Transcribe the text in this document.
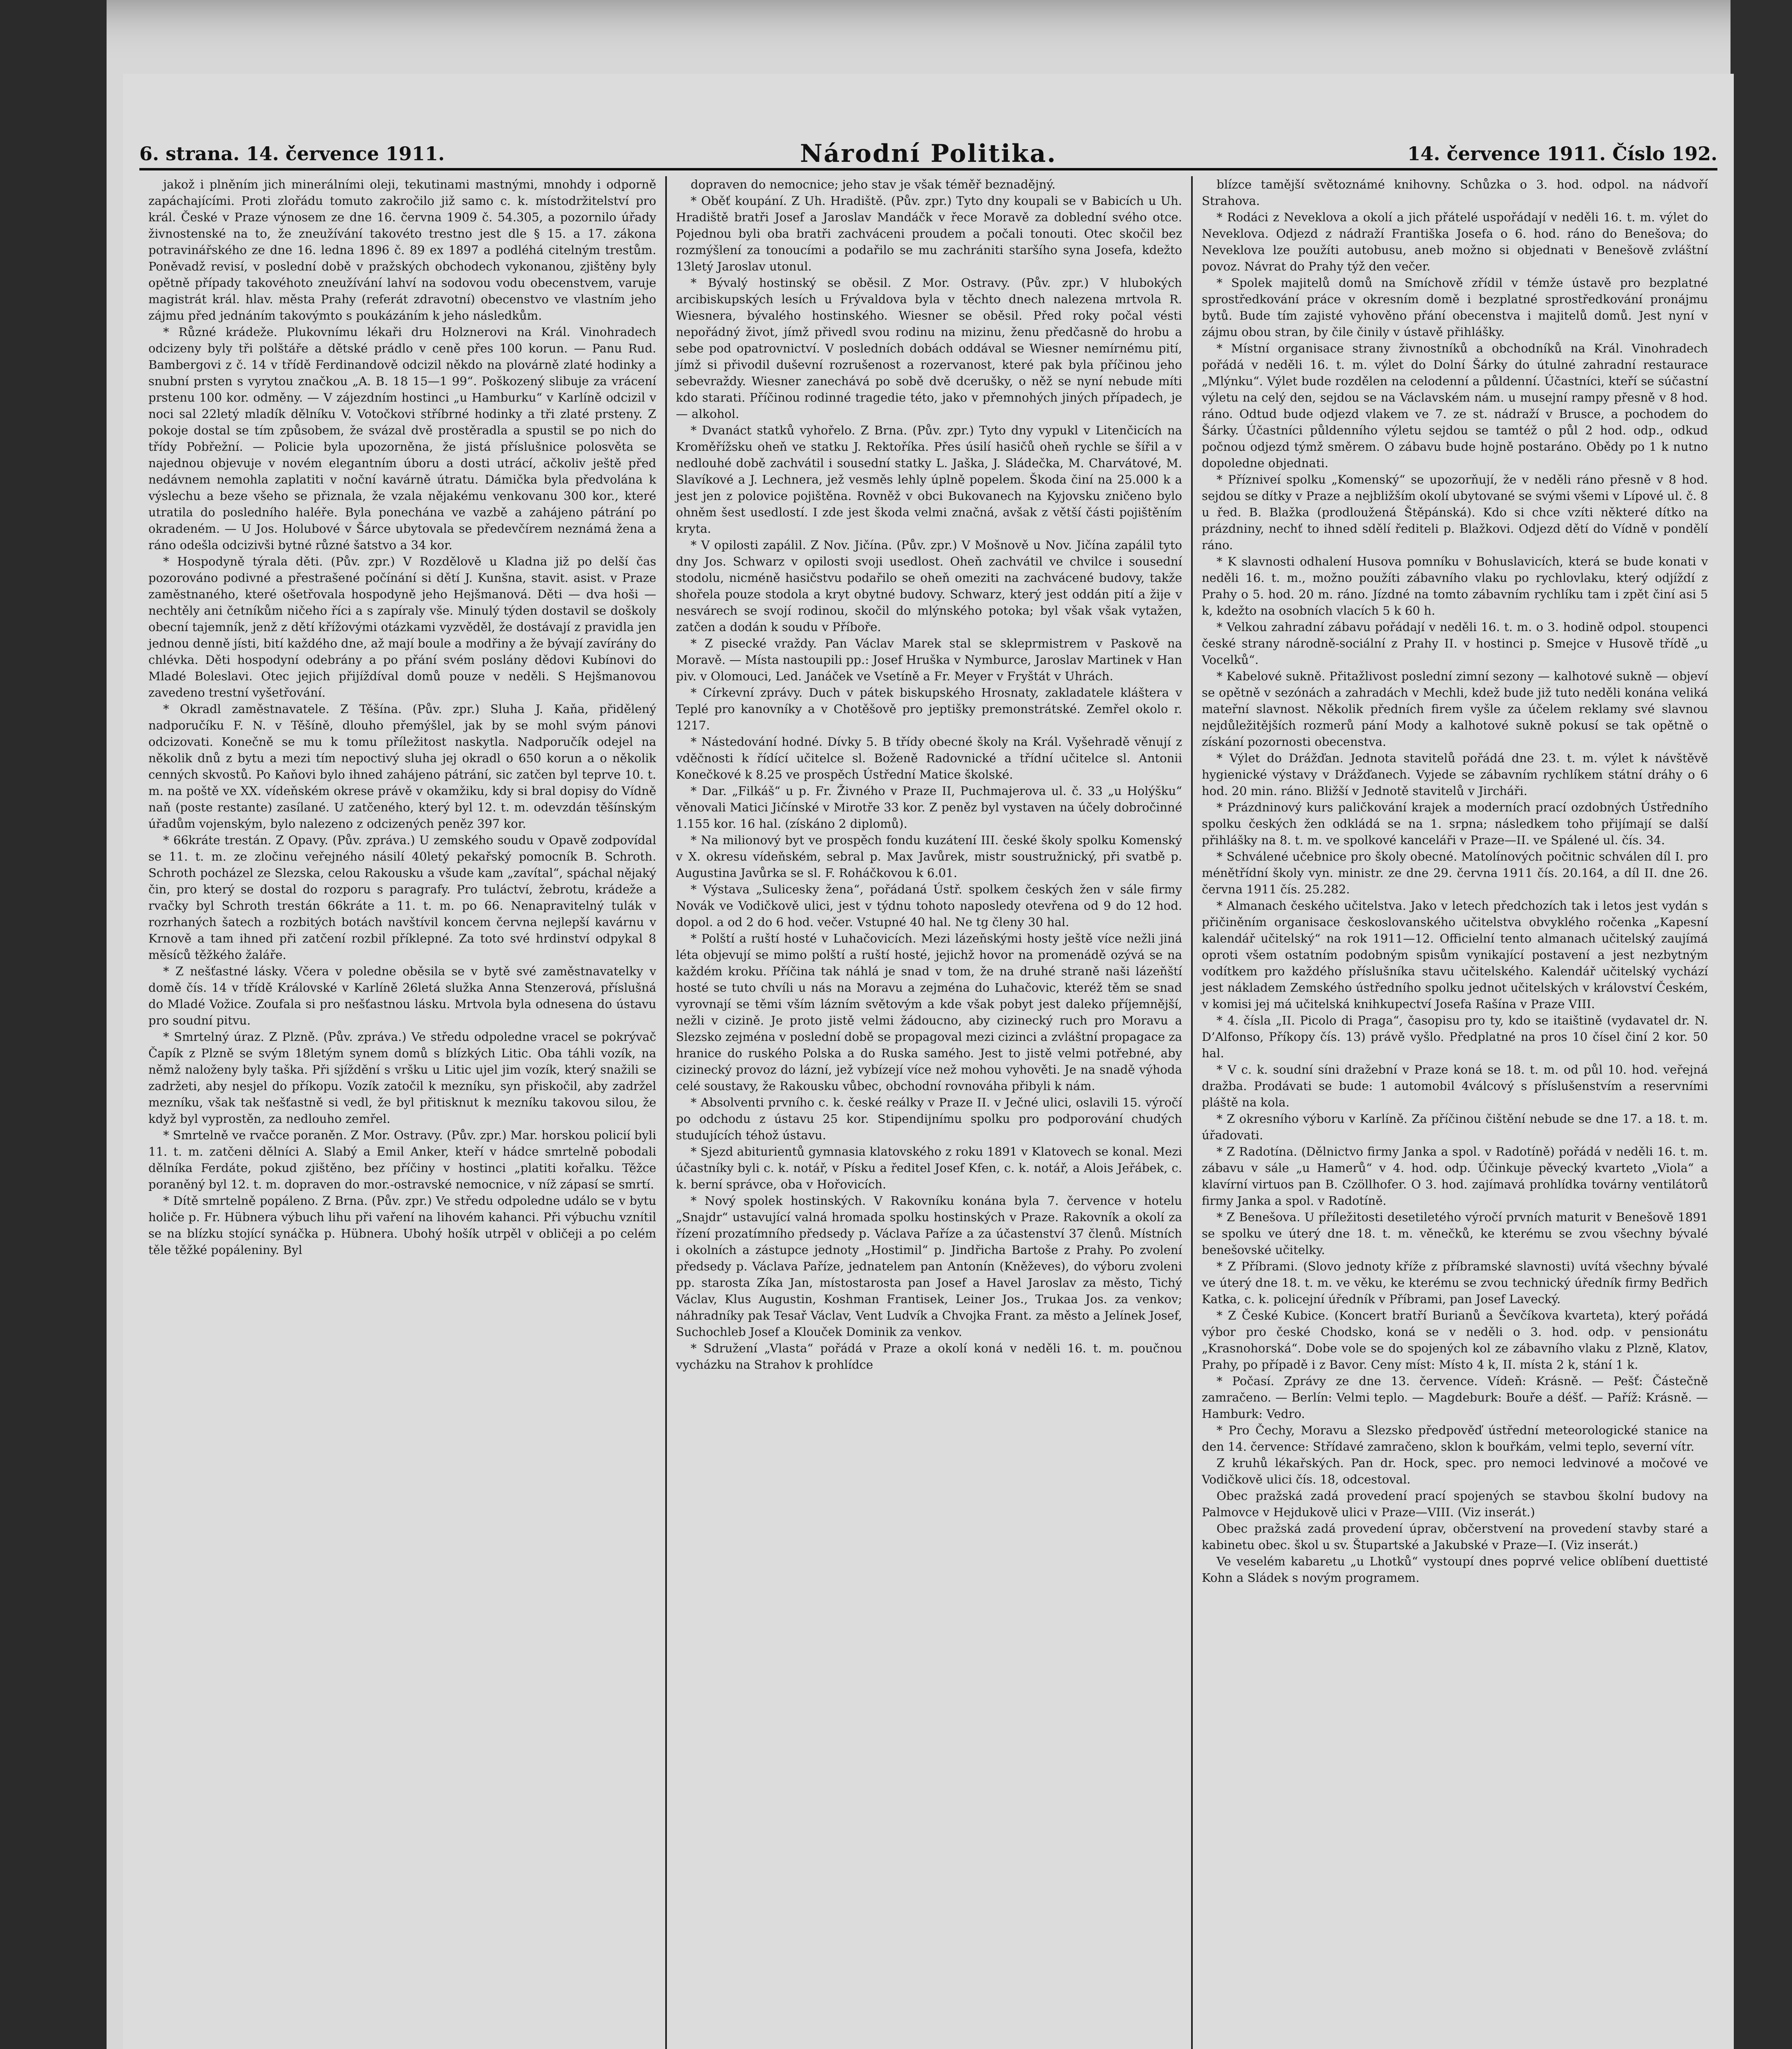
6. strana. 14. července 1911.	Národní Politika.	14. července 1911. Číslo 192.

jakož i plněním jich minerálními oleji, tekutinami mastnými, mnohdy i odporně zapáchajícími. Proti zlořádu tomuto zakročilo již samo c. k. místodržitelství pro král. České v Praze výnosem ze dne 16. června 1909 č. 54.305, a pozornilo úřady živnostenské na to, že zneužívání takovéto trestno jest dle § 15. a 17. zákona potravinářského ze dne 16. ledna 1896 č. 89 ex 1897 a podléhá citelným trestům. Poněvadž revisí, v poslední době v pražských obchodech vykonanou, zjištěny byly opětně případy takovéhoto zneužívání lahví na sodovou vodu obecenstvem, varuje magistrát král. hlav. města Prahy (referát zdravotní) obecenstvo ve vlastním jeho zájmu před jednáním takovýmto s poukázáním k jeho následkům.

* Různé krádeže. Plukovnímu lékaři dru Holznerovi na Král. Vinohradech odcizeny byly tři polštáře a dětské prádlo v ceně přes 100 korun. — Panu Rud. Bambergovi z č. 14 v třídě Ferdinandově odcizil někdo na plovárně zlaté hodinky a snubní prsten s vyrytou značkou „A. B. 18 15—1 99“. Poškozený slibuje za vrácení prstenu 100 kor. odměny. — V zájezdním hostinci „u Hamburku“ v Karlíně odcizil v noci sal 22letý mladík dělníku V. Votočkovi stříbrné hodinky a tři zlaté prsteny. Z pokoje dostal se tím způsobem, že svázal dvě prostěradla a spustil se po nich do třídy Pobřežní. — Policie byla upozorněna, že jistá příslušnice polosvěta se najednou objevuje v novém elegantním úboru a dosti utrácí, ačkoliv ještě před nedávnem nemohla zaplatiti v noční kavárně útratu. Dámička byla předvolána k výslechu a beze všeho se přiznala, že vzala nějakému venkovanu 300 kor., které utratila do posledního haléře. Byla ponechána ve vazbě a zahájeno pátrání po okradeném. — U Jos. Holubové v Šárce ubytovala se předevčírem neznámá žena a ráno odešla odcizivši bytné různé šatstvo a 34 kor.

* Hospodyně týrala děti. (Pův. zpr.) V Rozdělově u Kladna již po delší čas pozorováno podivné a přestrašené počínání si dětí J. Kunšna, stavit. asist. v Praze zaměstnaného, které ošetřovala hospodyně jeho Hejšmanová. Děti — dva hoši — nechtěly ani četníkům ničeho říci a s zapíraly vše. Minulý týden dostavil se doškoly obecní tajemník, jenž z dětí křížovými otázkami vyzvěděl, že dostávají z pravidla jen jednou denně jísti, bití každého dne, až mají boule a modřiny a že bývají zavírány do chlévka. Děti hospodyní odebrány a po přání svém poslány dědovi Kubínovi do Mladé Boleslavi. Otec jejich přijíždíval domů pouze v neděli. S Hejšmanovou zavedeno trestní vyšetřování.

* Okradl zaměstnavatele. Z Těšína. (Pův. zpr.) Sluha J. Kaňa, přidělený nadporučíku F. N. v Těšíně, dlouho přemýšlel, jak by se mohl svým pánovi odcizovati. Konečně se mu k tomu příležitost naskytla. Nadporučík odejel na několik dnů z bytu a mezi tím nepoctivý sluha jej okradl o 650 korun a o několik cenných skvostů. Po Kaňovi bylo ihned zahájeno pátrání, sic zatčen byl teprve 10. t. m. na poště ve XX. vídeňském okrese právě v okamžiku, kdy si bral dopisy do Vídně naň (poste restante) zasílané. U zatčeného, který byl 12. t. m. odevzdán těšínským úřadům vojenským, bylo nalezeno z odcizených peněz 397 kor.

* 66kráte trestán. Z Opavy. (Pův. zpráva.) U zemského soudu v Opavě zodpovídal se 11. t. m. ze zločinu veřejného násilí 40letý pekařský pomocník B. Schroth. Schroth pocházel ze Slezska, celou Rakousku a všude kam „zavítal“, spáchal nějaký čin, pro který se dostal do rozporu s paragrafy. Pro tuláctví, žebrotu, krádeže a rvačky byl Schroth trestán 66kráte a 11. t. m. po 66. Nenapravitelný tulák v rozrhaných šatech a rozbitých botách navštívil koncem června nejlepší kavárnu v Krnově a tam ihned při zatčení rozbil příklepné. Za toto své hrdinství odpykal 8 měsíců těžkého žaláře.

* Z nešťastné lásky. Včera v poledne oběsila se v bytě své zaměstnavatelky v domě čís. 14 v třídě Královské v Karlíně 26letá služka Anna Stenzerová, příslušná do Mladé Vožice. Zoufala si pro nešťastnou lásku. Mrtvola byla odnesena do ústavu pro soudní pitvu.

* Smrtelný úraz. Z Plzně. (Pův. zpráva.) Ve středu odpoledne vracel se pokrývač Čapík z Plzně se svým 18letým synem domů s blízkých Litic. Oba táhli vozík, na němž naloženy byly taška. Při sjíždění s vršku u Litic ujel jim vozík, který snažili se zadržeti, aby nesjel do příkopu. Vozík zatočil k mezníku, syn přiskočil, aby zadržel mezníku, však tak nešťastně si vedl, že byl přitisknut k mezníku takovou silou, že když byl vyprostěn, za nedlouho zemřel.

* Smrtelně ve rvačce poraněn. Z Mor. Ostravy. (Pův. zpr.) Mar. horskou policií byli 11. t. m. zatčeni dělníci A. Slabý a Emil Anker, kteří v hádce smrtelně pobodali dělníka Ferdáte, pokud zjištěno, bez příčiny v hostinci „platiti kořalku. Těžce poraněný byl 12. t. m. dopraven do mor.-ostravské nemocnice, v níž zápasí se smrtí.

* Dítě smrtelně popáleno. Z Brna. (Pův. zpr.) Ve středu odpoledne událo se v bytu holiče p. Fr. Hübnera výbuch lihu při vaření na lihovém kahanci. Při výbuchu vznítil se na blízku stojící synáčka p. Hübnera. Ubohý hošík utrpěl v obličeji a po celém těle těžké popáleniny. Byl

dopraven do nemocnice; jeho stav je však téměř beznadějný.

* Oběť koupání. Z Uh. Hradiště. (Pův. zpr.) Tyto dny koupali se v Babicích u Uh. Hradiště bratři Josef a Jaroslav Mandáčk v řece Moravě za doblední svého otce. Pojednou byli oba bratři zachváceni proudem a počali tonouti. Otec skočil bez rozmýšlení za tonoucími a podařilo se mu zachrániti staršího syna Josefa, kdežto 13letý Jaroslav utonul.

* Bývalý hostinský se oběsil. Z Mor. Ostravy. (Pův. zpr.) V hlubokých arcibiskupských lesích u Frývaldova byla v těchto dnech nalezena mrtvola R. Wiesnera, bývalého hostinského. Wiesner se oběsil. Před roky počal vésti nepořádný život, jímž přivedl svou rodinu na mizinu, ženu předčasně do hrobu a sebe pod opatrovnictví. V posledních dobách oddával se Wiesner nemírnému pití, jímž si přivodil duševní rozrušenost a rozervanost, které pak byla příčinou jeho sebevraždy. Wiesner zanechává po sobě dvě dcerušky, o něž se nyní nebude míti kdo starati. Příčinou rodinné tragedie této, jako v přemnohých jiných případech, je — alkohol.

* Dvanáct statků vyhořelo. Z Brna. (Pův. zpr.) Tyto dny vypukl v Litenčicích na Kroměřížsku oheň ve statku J. Rektoříka. Přes úsilí hasičů oheň rychle se šířil a v nedlouhé době zachvátil i sousední statky L. Jaška, J. Sládečka, M. Charvátové, M. Slavíkové a J. Lechnera, jež vesměs lehly úplně popelem. Škoda činí na 25.000 k a jest jen z polovice pojištěna. Rovněž v obci Bukovanech na Kyjovsku zničeno bylo ohněm šest usedlostí. I zde jest škoda velmi značná, avšak z větší části pojištěním kryta.

* V opilosti zapálil. Z Nov. Jičína. (Pův. zpr.) V Mošnově u Nov. Jičína zapálil tyto dny Jos. Schwarz v opilosti svoji usedlost. Oheň zachvátil ve chvilce i sousední stodolu, nicméně hasičstvu podařilo se oheň omeziti na zachvácené budovy, takže shořela pouze stodola a kryt obytné budovy. Schwarz, který jest oddán pití a žije v nesvárech se svojí rodinou, skočil do mlýnského potoka; byl však však vytažen, zatčen a dodán k soudu v Příboře.

* Z pisecké vraždy. Pan Václav Marek stal se skleprmistrem v Paskově na Moravě. — Místa nastoupili pp.: Josef Hruška v Nymburce, Jaroslav Martinek v Han piv. v Olomouci, Led. Janáček ve Vsetíně a Fr. Meyer v Fryštát v Uhrách.

* Církevní zprávy. Duch v pátek biskupského Hrosnaty, zakladatele kláštera v Teplé pro kanovníky a v Chotěšově pro jeptišky premonstrátské. Zemřel okolo r. 1217.

* Nástedování hodné. Dívky 5. B třídy obecné školy na Král. Vyšehradě věnují z vděčnosti k řídící učitelce sl. Boženě Radovnické a třídní učitelce sl. Antonii Konečkové k 8.25 ve prospěch Ústřední Matice školské.

* Dar. „Filkáš“ u p. Fr. Živného v Praze II, Puchmajerova ul. č. 33 „u Holýšku“ věnovali Matici Jičínské v Mirotře 33 kor. Z peněz byl vystaven na účely dobročinné 1.155 kor. 16 hal. (získáno 2 diplomů).

* Na milionový byt ve prospěch fondu kuzátení III. české školy spolku Komenský v X. okresu vídeňském, sebral p. Max Javůrek, mistr soustružnický, při svatbě p. Augustina Javůrka se sl. F. Roháčkovou k 6.01.

* Výstava „Sulicesky žena“, pořádaná Ústř. spolkem českých žen v sále firmy Novák ve Vodičkově ulici, jest v týdnu tohoto naposledy otevřena od 9 do 12 hod. dopol. a od 2 do 6 hod. večer. Vstupné 40 hal. Ne tg členy 30 hal.

* Polští a ruští hosté v Luhačovicích. Mezi lázeňskými hosty ještě více nežli jiná léta objevují se mimo polští a ruští hosté, jejichž hovor na promenádě ozývá se na každém kroku. Příčina tak náhlá je snad v tom, že na druhé straně naši lázeňští hosté se tuto chvíli u nás na Moravu a zejména do Luhačovic, kteréž těm se snad vyrovnají se těmi vším lázním světovým a kde však pobyt jest daleko příjemnější, nežli v cizině. Je proto jistě velmi žádoucno, aby cizinecký ruch pro Moravu a Slezsko zejména v poslední době se propagoval mezi cizinci a zvláštní propagace za hranice do ruského Polska a do Ruska samého. Jest to jistě velmi potřebné, aby cizinecký provoz do lázní, jež vybízejí více než mohou vyhověti. Je na snadě výhoda celé soustavy, že Rakousku vůbec, obchodní rovnováha přibyli k nám.

* Absolventi prvního c. k. české reálky v Praze II. v Ječné ulici, oslavili 15. výročí po odchodu z ústavu 25 kor. Stipendijnímu spolku pro podporování chudých studujících téhož ústavu.

* Sjezd abiturientů gymnasia klatovského z roku 1891 v Klatovech se konal. Mezi účastníky byli c. k. notář, v Písku a ředitel Josef Kfen, c. k. notář, a Alois Jeřábek, c. k. berní správce, oba v Hořovicích.

* Nový spolek hostinských. V Rakovníku konána byla 7. července v hotelu „Snajdr“ ustavující valná hromada spolku hostinských v Praze. Rakovník a okolí za řízení prozatímního předsedy p. Václava Paříze a za účastenství 37 členů. Místních i okolních a zástupce jednoty „Hostimil“ p. Jindřicha Bartoše z Prahy. Po zvolení předsedy p. Václava Paříze, jednatelem pan Antonín (Kněževes), do výboru zvoleni pp. starosta Zíka Jan, místostarosta pan Josef a Havel Jaroslav za město, Tichý Václav, Klus Augustin, Koshman Frantisek, Leiner Jos., Trukaa Jos. za venkov; náhradníky pak Tesař Václav, Vent Ludvík a Chvojka Frant. za město a Jelínek Josef, Suchochleb Josef a Klouček Dominik za venkov.

* Sdružení „Vlasta“ pořádá v Praze a okolí koná v neděli 16. t. m. poučnou vycházku na Strahov k prohlídce

blízce tamější světoznámé knihovny. Schůzka o 3. hod. odpol. na nádvoří Strahova.

* Rodáci z Neveklova a okolí a jich přátelé uspořádají v neděli 16. t. m. výlet do Neveklova. Odjezd z nádraží Františka Josefa o 6. hod. ráno do Benešova; do Neveklova lze použíti autobusu, aneb možno si objednati v Benešově zvláštní povoz. Návrat do Prahy týž den večer.

* Spolek majitelů domů na Smíchově zřídil v témže ústavě pro bezplatné sprostředkování práce v okresním domě i bezplatné sprostředkování pronájmu bytů. Bude tím zajisté vyhověno přání obecenstva i majitelů domů. Jest nyní v zájmu obou stran, by čile činily v ústavě přihlášky.

* Místní organisace strany živnostníků a obchodníků na Král. Vinohradech pořádá v neděli 16. t. m. výlet do Dolní Šárky do útulné zahradní restaurace „Mlýnku“. Výlet bude rozdělen na celodenní a půldenní. Účastníci, kteří se súčastní výletu na celý den, sejdou se na Václavském nám. u musejní rampy přesně v 8 hod. ráno. Odtud bude odjezd vlakem ve 7. ze st. nádraží v Brusce, a pochodem do Šárky. Účastníci půldenního výletu sejdou se tamtéž o půl 2 hod. odp., odkud počnou odjezd týmž směrem. O zábavu bude hojně postaráno. Obědy po 1 k nutno dopoledne objednati.

* Přízniveí spolku „Komenský“ se upozorňují, že v neděli ráno přesně v 8 hod. sejdou se dítky v Praze a nejbližším okolí ubytované se svými všemi v Lípové ul. č. 8 u řed. B. Blažka (prodloužená Štěpánská). Kdo si chce vzíti některé dítko na prázdniny, nechť to ihned sdělí řediteli p. Blažkovi. Odjezd dětí do Vídně v pondělí ráno.

* K slavnosti odhalení Husova pomníku v Bohuslavicích, která se bude konati v neděli 16. t. m., možno použíti zábavního vlaku po rychlovlaku, který odjíždí z Prahy o 5. hod. 20 m. ráno. Jízdné na tomto zábavním rychlíku tam i zpět činí asi 5 k, kdežto na osobních vlacích 5 k 60 h.

* Velkou zahradní zábavu pořádají v neděli 16. t. m. o 3. hodině odpol. stoupenci české strany národně-sociální z Prahy II. v hostinci p. Smejce v Husově třídě „u Vocelků“.

* Kabelové sukně. Přitažlivost poslední zimní sezony — kalhotové sukně — objeví se opětně v sezónách a zahradách v Mechli, kdež bude již tuto neděli konána veliká mateřní slavnost. Několik předních firem vyšle za účelem reklamy své slavnou nejdůležitějších rozmerů pání Mody a kalhotové sukně pokusí se tak opětně o získání pozornosti obecenstva.

* Výlet do Drážďan. Jednota stavitelů pořádá dne 23. t. m. výlet k návštěvě hygienické výstavy v Drážďanech. Vyjede se zábavním rychlíkem státní dráhy o 6 hod. 20 min. ráno. Bližší v Jednotě stavitelů v Jircháři.

* Prázdninový kurs paličkování krajek a moderních prací ozdobných Ústředního spolku českých žen odkládá se na 1. srpna; následkem toho přijímají se další přihlášky na 8. t. m. ve spolkové kanceláři v Praze—II. ve Spálené ul. čís. 34.

* Schválené učebnice pro školy obecné. Matolínových počitnic schválen díl I. pro ménětřídní školy vyn. ministr. ze dne 29. června 1911 čís. 20.164, a díl II. dne 26. června 1911 čís. 25.282.

* Almanach českého učitelstva. Jako v letech předchozích tak i letos jest vydán s přičiněním organisace českoslovanského učitelstva obvyklého ročenka „Kapesní kalendář učitelský“ na rok 1911—12. Officielní tento almanach učitelský zaujímá oproti všem ostatním podobným spisům vynikající postavení a jest nezbytným vodítkem pro každého příslušníka stavu učitelského. Kalendář učitelský vychází jest nákladem Zemského ústředního spolku jednot učitelských v království Českém, v komisi jej má učitelská knihkupectví Josefa Rašína v Praze VIII.

* 4. čísla „II. Picolo di Praga“, časopisu pro ty, kdo se itaištině (vydavatel dr. N. D’Alfonso, Příkopy čís. 13) právě vyšlo. Předplatné na pros 10 čísel činí 2 kor. 50 hal.

* V c. k. soudní síni dražební v Praze koná se 18. t. m. od půl 10. hod. veřejná dražba. Prodávati se bude: 1 automobil 4válcový s příslušenstvím a reservními pláště na kola.

* Z okresního výboru v Karlíně. Za příčinou čištění nebude se dne 17. a 18. t. m. úřadovati.

* Z Radotína. (Dělnictvo firmy Janka a spol. v Radotíně) pořádá v neděli 16. t. m. zábavu v sále „u Hamerů“ v 4. hod. odp. Účinkuje pěvecký kvarteto „Viola“ a klavírní virtuos pan B. Czöllhofer. O 3. hod. zajímavá prohlídka továrny ventilátorů firmy Janka a spol. v Radotíně.

* Z Benešova. U příležitosti desetiletého výročí prvních maturit v Benešově 1891 se spolku ve úterý dne 18. t. m. věnečků, ke kterému se zvou všechny bývalé benešovské učitelky.

* Z Příbrami. (Slovo jednoty kříže z příbramské slavnosti) uvítá všechny bývalé ve úterý dne 18. t. m. ve věku, ke kterému se zvou technický úředník firmy Bedřich Katka, c. k. policejní úředník v Příbrami, pan Josef Lavecký.

* Z České Kubice. (Koncert bratří Burianů a Ševčíkova kvarteta), který pořádá výbor pro české Chodsko, koná se v neděli o 3. hod. odp. v pensionátu „Krasnohorská“. Dobe vole se do spojených kol ze zábavního vlaku z Plzně, Klatov, Prahy, po případě i z Bavor. Ceny míst: Místo 4 k, II. místa 2 k, stání 1 k.

* Počasí. Zprávy ze dne 13. července. Vídeň: Krásně. — Pešť: Částečně zamračeno. — Berlín: Velmi teplo. — Magdeburk: Bouře a déšť. — Paříž: Krásně. — Hamburk: Vedro.

* Pro Čechy, Moravu a Slezsko předpověď ústřední meteorologické stanice na den 14. července: Střídavé zamračeno, sklon k bouřkám, velmi teplo, severní vítr.

Z kruhů lékařských. Pan dr. Hock, spec. pro nemoci ledvinové a močové ve Vodičkově ulici čís. 18, odcestoval.

Obec pražská zadá provedení prací spojených se stavbou školní budovy na Palmovce v Hejdukově ulici v Praze—VIII. (Viz inserát.)

Obec pražská zadá provedení úprav, občerstvení na provedení stavby staré a kabinetu obec. škol u sv. Štupartské a Jakubské v Praze—I. (Viz inserát.)

Ve veselém kabaretu „u Lhotků“ vystoupí dnes poprvé velice oblíbení duettisté Kohn a Sládek s novým programem.
